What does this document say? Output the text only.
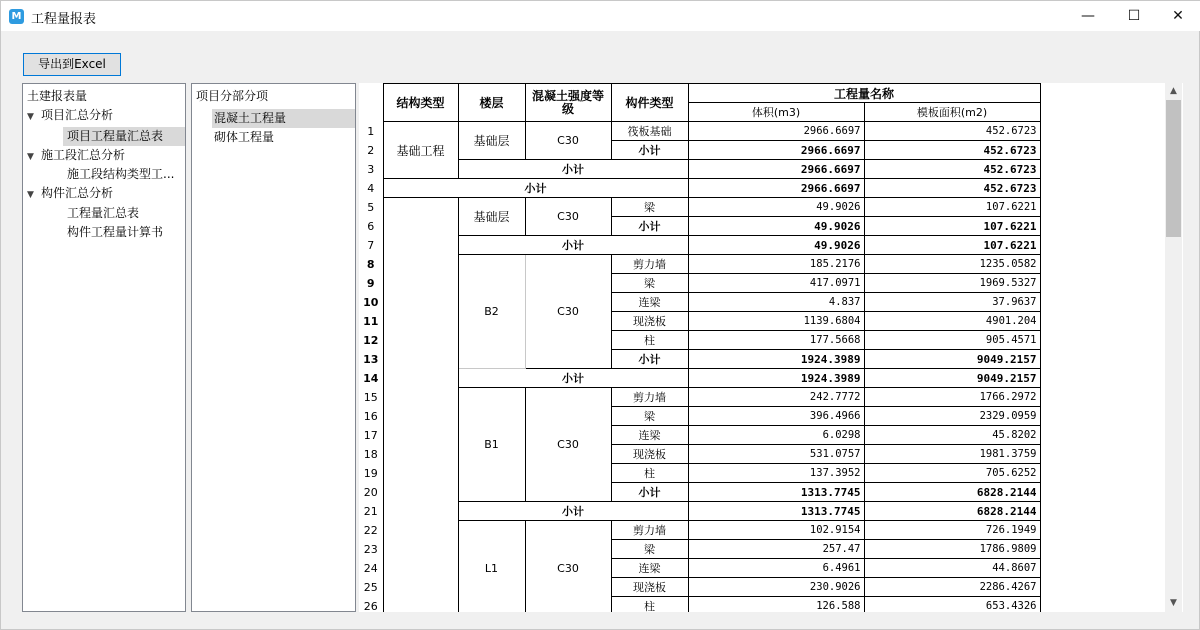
M 工程量报表	—	☐	✕
导出到Excel
土建报表量
▼ 项目汇总分析
项目工程量汇总表
▼ 施工段汇总分析
施工段结构类型工...
▼ 构件汇总分析
工程量汇总表
构件工程量计算书
项目分部分项
混凝土工程量
砌体工程量
	结构类型	楼层	混凝土强度等级	构件类型	工程量名称	
					体积(m3)	模板面积(m2)
1	基础工程	基础层	C30	筏板基础	2966.6697	452.6723
2				小计	2966.6697	452.6723
3		小计			2966.6697	452.6723
4	小计				2966.6697	452.6723
5		基础层	C30	梁	49.9026	107.6221
6				小计	49.9026	107.6221
7		小计			49.9026	107.6221
8		B2	C30	剪力墙	185.2176	1235.0582
9				梁	417.0971	1969.5327
10				连梁	4.837	37.9637
11				现浇板	1139.6804	4901.204
12				柱	177.5668	905.4571
13				小计	1924.3989	9049.2157
14		小计			1924.3989	9049.2157
15		B1	C30	剪力墙	242.7772	1766.2972
16				梁	396.4966	2329.0959
17				连梁	6.0298	45.8202
18				现浇板	531.0757	1981.3759
19				柱	137.3952	705.6252
20				小计	1313.7745	6828.2144
21		小计			1313.7745	6828.2144
22		L1	C30	剪力墙	102.9154	726.1949
23				梁	257.47	1786.9809
24				连梁	6.4961	44.8607
25				现浇板	230.9026	2286.4267
26				柱	126.588	653.4326
▲
▼
